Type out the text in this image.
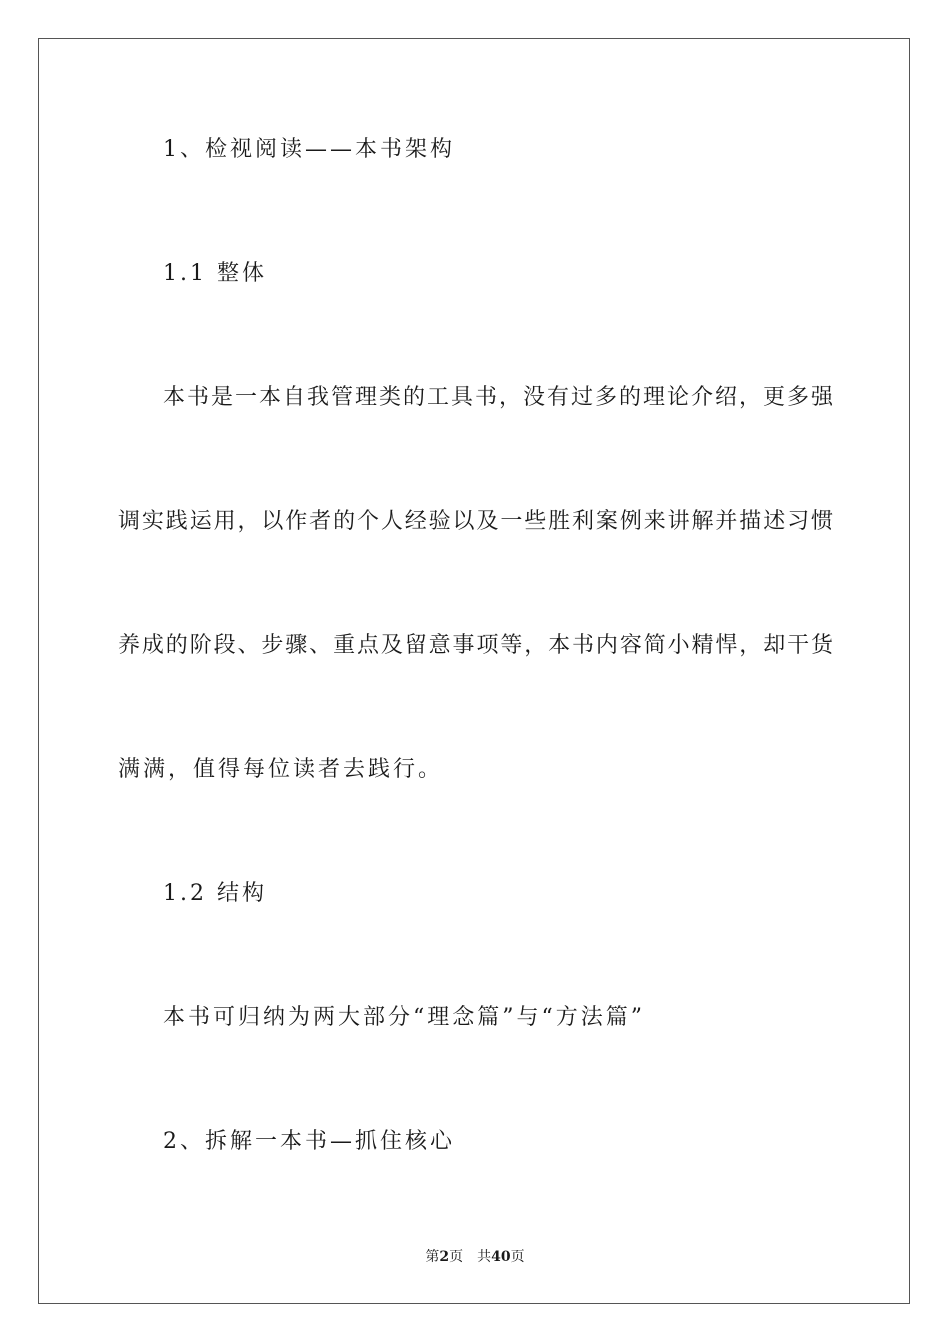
1、检视阅读——本书架构
1.1 整体
本书是一本自我管理类的工具书，没有过多的理论介绍，更多强
调实践运用，以作者的个人经验以及一些胜利案例来讲解并描述习惯
养成的阶段、步骤、重点及留意事项等，本书内容简小精悍，却干货
满满，值得每位读者去践行。
1.2 结构
本书可归纳为两大部分“理念篇”与“方法篇”
2、拆解一本书—抓住核心
第2页 共40页
